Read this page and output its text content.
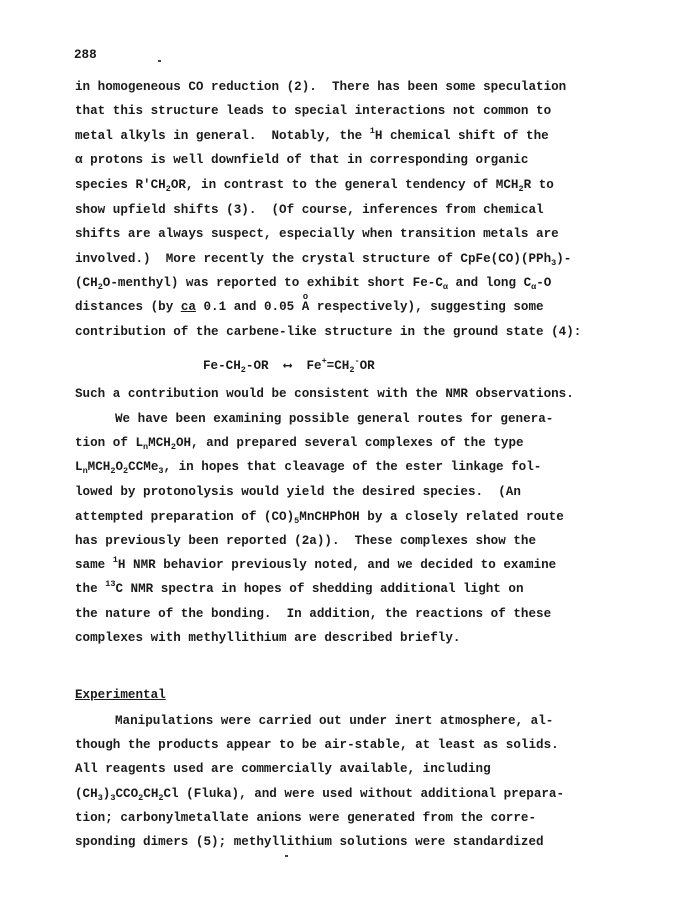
288
in homogeneous CO reduction (2).  There has been some speculation
that this structure leads to special interactions not common to
metal alkyls in general.  Notably, the $^1$H chemical shift of the
α protons is well downfield of that in corresponding organic
species $R'CH_2OR$, in contrast to the general tendency of $MCH_2R$ to
show upfield shifts (3).  (Of course, inferences from chemical
shifts are always suspect, especially when transition metals are
involved.)  More recently the crystal structure of CpFe(CO)(PPh$_3$)-
$(CH_2O-menthyl)$ was reported to exhibit short $Fe-C_\alpha$ and long $C_\alpha-O$
distances (by ca 0.1 and 0.05
o
A respectively), suggesting some
contribution of the carbene-like structure in the ground state (4):
$Fe-CH_2-OR$ ⟷ $Fe^+=CH_2^-OR$
Such a contribution would be consistent with the NMR observations.
We have been examining possible general routes for genera-
tion of $L_nMCH_2OH$, and prepared several complexes of the type
$L_nMCH_2O_2CCMe_3$, in hopes that cleavage of the ester linkage fol-
lowed by protonolysis would yield the desired species.  (An
attempted preparation of $(CO)_5MnCHPhOH$ by a closely related route
has previously been reported (2a)).  These complexes show the
same $^1$H NMR behavior previously noted, and we decided to examine
the $^{13}$C NMR spectra in hopes of shedding additional light on
the nature of the bonding.  In addition, the reactions of these
complexes with methyllithium are described briefly.
Experimental
Manipulations were carried out under inert atmosphere, al-
though the products appear to be air-stable, at least as solids.
All reagents used are commercially available, including
$(CH_3)_3CCO_2CH_2Cl$ (Fluka), and were used without additional prepara-
tion; carbonylmetallate anions were generated from the corre-
sponding dimers (5); methyllithium solutions were standardized
